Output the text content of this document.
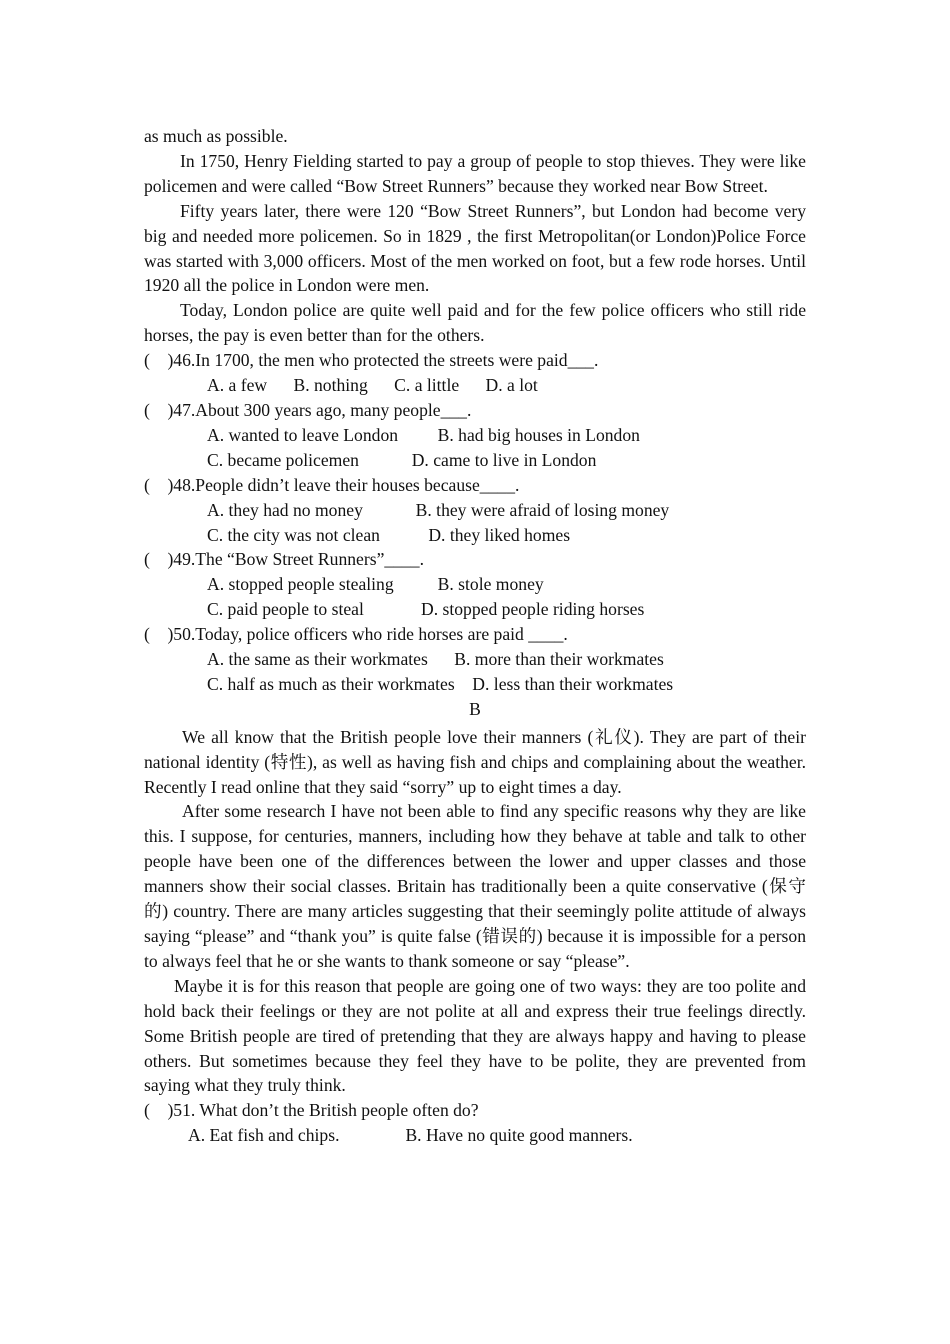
as much as possible.

In 1750, Henry Fielding started to pay a group of people to stop thieves. They were like policemen and were called “Bow Street Runners” because they worked near Bow Street.

Fifty years later, there were 120 “Bow Street Runners”, but London had become very big and needed more policemen. So in 1829 , the first Metropolitan(or London)Police Force was started with 3,000 officers. Most of the men worked on foot, but a few rode horses. Until 1920 all the police in London were men.

Today, London police are quite well paid and for the few police officers who still ride horses, the pay is even better than for the others.

(    )46.In 1700, the men who protected the streets were paid___.
A. a few      B. nothing      C. a little      D. a lot
(    )47.About 300 years ago, many people___.
A. wanted to leave London         B. had big houses in London
C. became policemen            D. came to live in London
(    )48.People didn’t leave their houses because____.
A. they had no money            B. they were afraid of losing money
C. the city was not clean           D. they liked homes
(    )49.The “Bow Street Runners”____.
A. stopped people stealing          B. stole money
C. paid people to steal             D. stopped people riding horses
(    )50.Today, police officers who ride horses are paid ____.
A. the same as their workmates      B. more than their workmates
C. half as much as their workmates    D. less than their workmates
B

We all know that the British people love their manners (礼仪). They are part of their national identity (特性), as well as having fish and chips and complaining about the weather. Recently I read online that they said “sorry” up to eight times a day.

After some research I have not been able to find any specific reasons why they are like this. I suppose, for centuries, manners, including how they behave at table and talk to other people have been one of the differences between the lower and upper classes and those manners show their social classes. Britain has traditionally been a quite conservative (保守的) country. There are many articles suggesting that their seemingly polite attitude of always saying “please” and “thank you” is quite false (错误的) because it is impossible for a person to always feel that he or she wants to thank someone or say “please”.

Maybe it is for this reason that people are going one of two ways: they are too polite and hold back their feelings or they are not polite at all and express their true feelings directly. Some British people are tired of pretending that they are always happy and having to please others. But sometimes because they feel they have to be polite, they are prevented from saying what they truly think.

(    )51. What don’t the British people often do?
A. Eat fish and chips.               B. Have no quite good manners.
